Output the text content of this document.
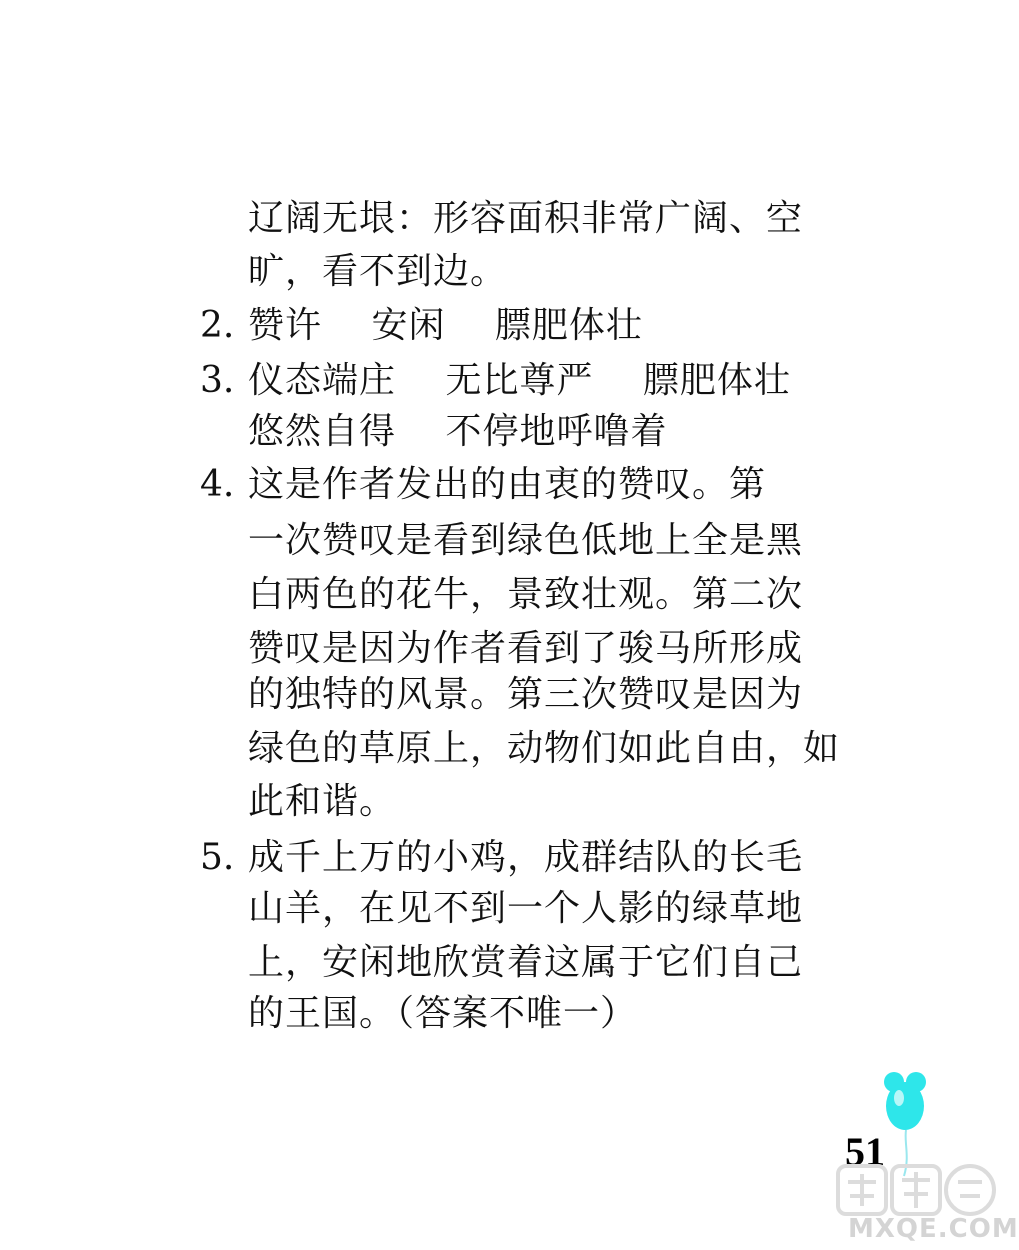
辽阔无垠：形容面积非常广阔、空
旷，看不到边。
2. 赞许　 安闲　 膘肥体壮
3. 仪态端庄　 无比尊严　 膘肥体壮
悠然自得　 不停地呼噜着
4. 这是作者发出的由衷的赞叹。第
一次赞叹是看到绿色低地上全是黑
白两色的花牛，景致壮观。第二次
赞叹是因为作者看到了骏马所形成
的独特的风景。第三次赞叹是因为
绿色的草原上，动物们如此自由，如
此和谐。
5. 成千上万的小鸡，成群结队的长毛
山羊，在见不到一个人影的绿草地
上，安闲地欣赏着这属于它们自己
的王国。（答案不唯一）
51
MXQE.COM
